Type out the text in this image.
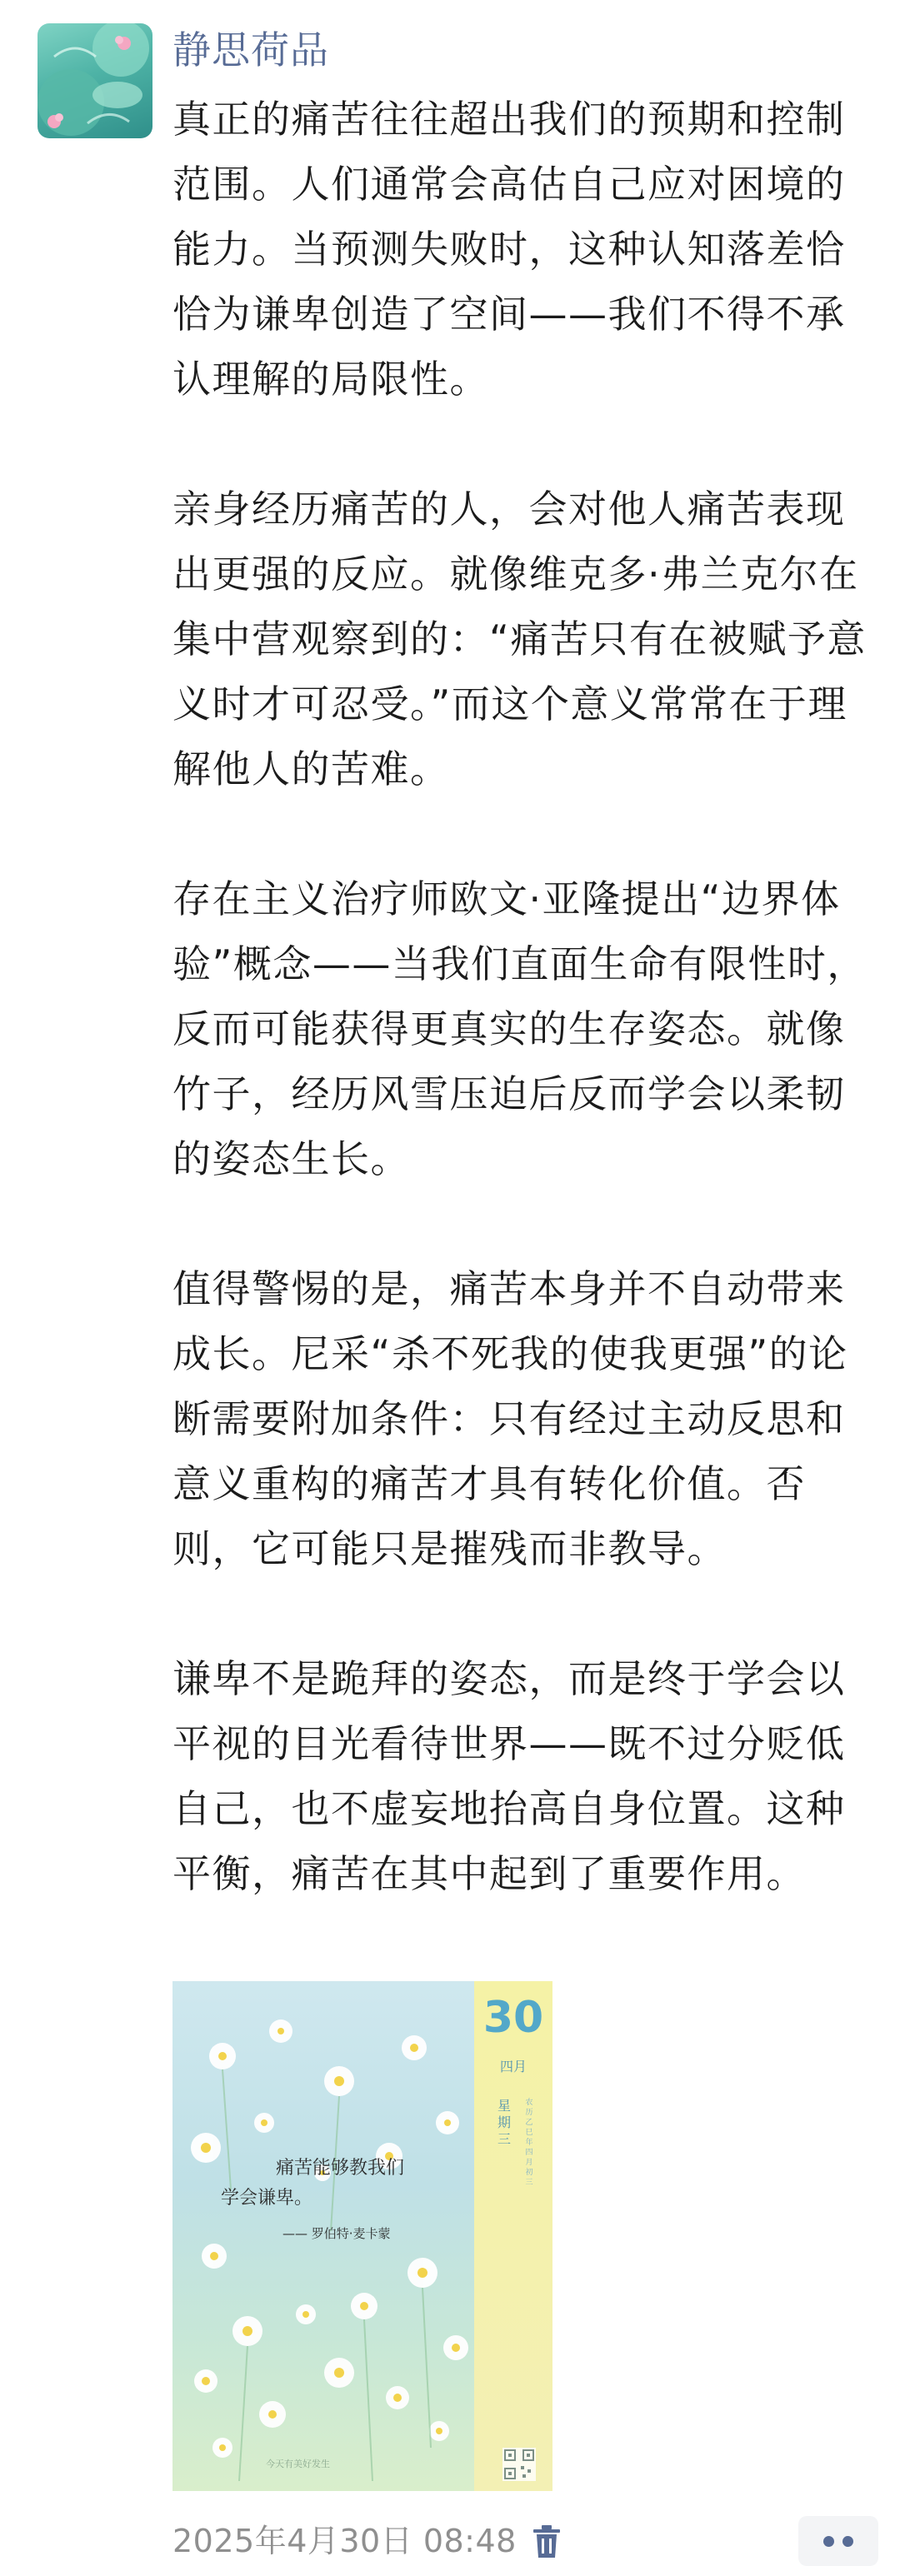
静思荷品

真正的痛苦往往超出我们的预期和控制范围。人们通常会高估自己应对困境的能力。当预测失败时，这种认知落差恰恰为谦卑创造了空间——我们不得不承认理解的局限性。

亲身经历痛苦的人，会对他人痛苦表现出更强的反应。就像维克多·弗兰克尔在集中营观察到的：“痛苦只有在被赋予意义时才可忍受。”而这个意义常常在于理解他人的苦难。

存在主义治疗师欧文·亚隆提出“边界体验”概念——当我们直面生命有限性时，反而可能获得更真实的生存姿态。就像竹子，经历风雪压迫后反而学会以柔韧的姿态生长。

值得警惕的是，痛苦本身并不自动带来成长。尼采“杀不死我的使我更强”的论断需要附加条件：只有经过主动反思和意义重构的痛苦才具有转化价值。否则，它可能只是摧残而非教导。

谦卑不是跪拜的姿态，而是终于学会以平视的目光看待世界——既不过分贬低自己，也不虚妄地抬高自身位置。这种平衡，痛苦在其中起到了重要作用。

30
四月
星期三
农历乙巳年四月初三
痛苦能够教我们
学会谦卑。
—— 罗伯特·麦卡蒙
今天有美好发生
2025年4月30日 08:48
